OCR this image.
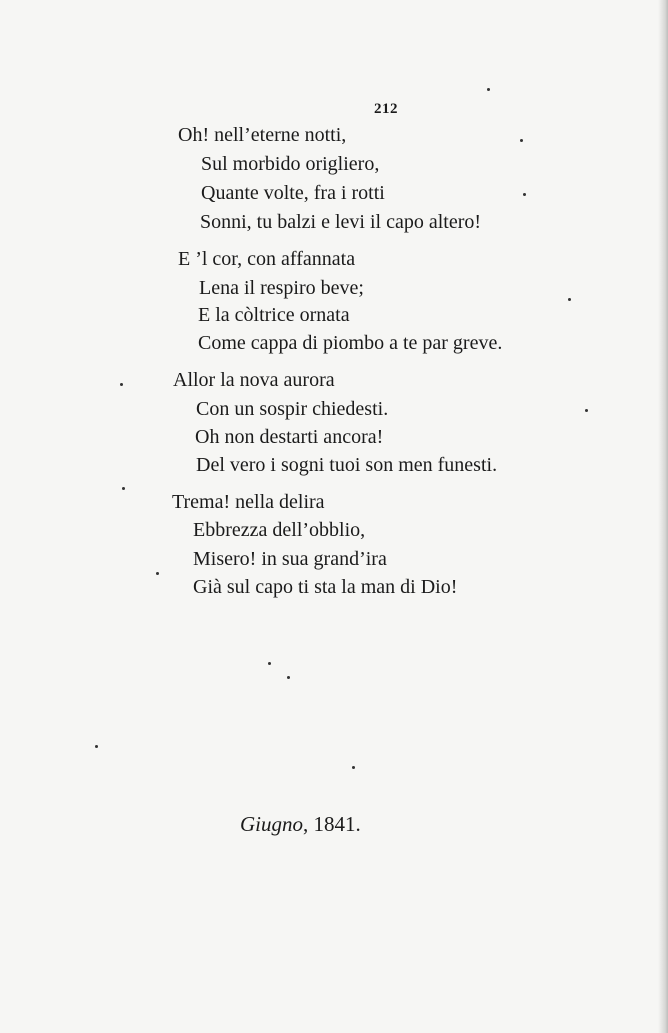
212
Oh! nell’eterne notti,
Sul morbido origliero,
Quante volte, fra i rotti
Sonni, tu balzi e levi il capo altero!
E ’l cor, con affannata
Lena il respiro beve;
E la còltrice ornata
Come cappa di piombo a te par greve.
Allor la nova aurora
Con un sospir chiedesti.
Oh non destarti ancora!
Del vero i sogni tuoi son men funesti.
Trema! nella delira
Ebbrezza dell’obblio,
Misero! in sua grand’ira
Già sul capo ti sta la man di Dio!
Giugno, 1841.
